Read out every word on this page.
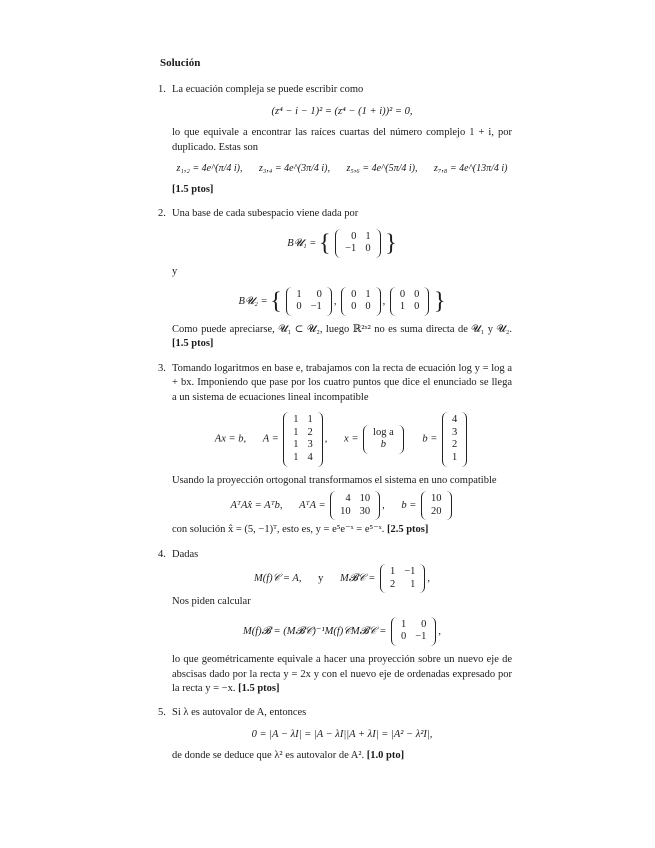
Solución
1. La ecuación compleja se puede escribir como

(z⁴ − i − 1)² = (z⁴ − (1 + i))² = 0,

lo que equivale a encontrar las raíces cuartas del número complejo 1 + i, por duplicado. Estas son

z₁,₂ = 4e^(π/4 i), z₃,₄ = 4e^(3π/4 i), z₅,₆ = 4e^(5π/4 i), z₇,₈ = 4e^(13π/4 i)

[1.5 ptos]

2. Una base de cada subespacio viene dada por

B𝓤₁ = {	0 1
−1 0 }

y

B𝓤₂ = { 1	0
0 −1
,
0 1
0 0
,
0 0
1 0 }

Como puede apreciarse, 𝓤₁ ⊂ 𝓤₂, luego ℝ²ˣ² no es suma directa de 𝓤₁ y 𝓤₂. [1.5 ptos]

3. Tomando logaritmos en base e, trabajamos con la recta de ecuación log y = log a + bx. Imponiendo que pase por los cuatro puntos que dice el enunciado se llega a un sistema de ecuaciones lineal incompatible

Ax = b, A =
1 1
1 2
1 3
1 4
, x =
log a
b
b =
4
3
2
1

Usando la proyección ortogonal transformamos el sistema en uno compatible

AᵀAx̂ = Aᵀb, AᵀA =
4 10
10 30
, b =
10
20

con solución x̂ = (5, −1)ᵀ, esto es, y = e⁵e⁻ˣ = e⁵⁻ˣ. [2.5 ptos]

4. Dadas

M(f)𝒞 = A, y M𝓑𝒞 =
1 −1
2	1
,

Nos piden calcular

M(f)𝓑 = (M𝓑𝒞)⁻¹M(f)𝒞M𝓑𝒞 =
1	0
0 −1
,

lo que geométricamente equivale a hacer una proyección sobre un nuevo eje de abscisas dado por la recta y = 2x y con el nuevo eje de ordenadas expresado por la recta y = −x. [1.5 ptos]

5. Si λ es autovalor de A, entonces

0 = |A − λI| = |A − λI||A + λI| = |A² − λ²I|,

de donde se deduce que λ² es autovalor de A². [1.0 pto]
